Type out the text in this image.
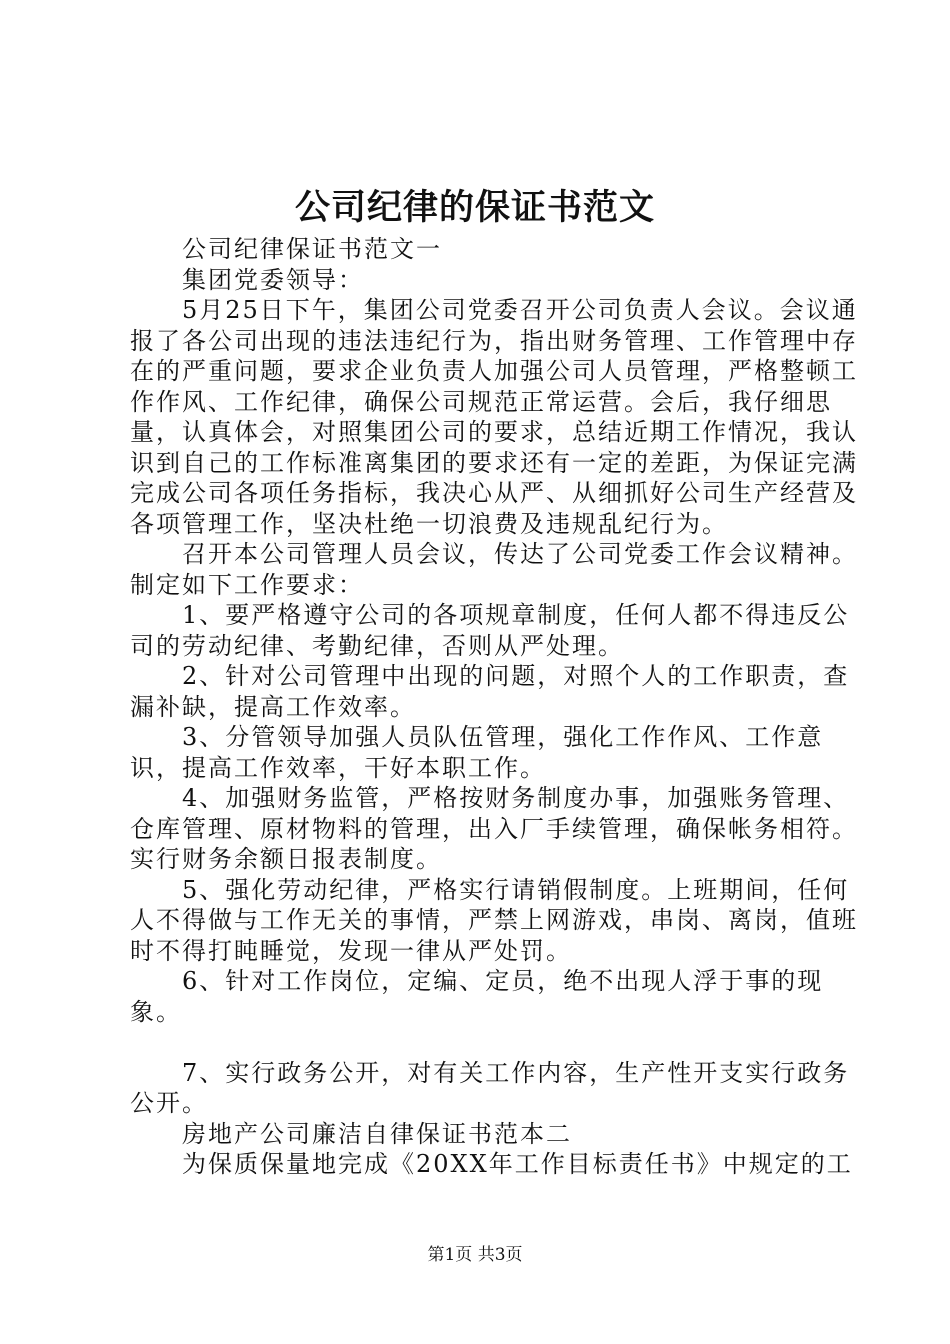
公司纪律的保证书范文

公司纪律保证书范文一

集团党委领导：

5月25日下午，集团公司党委召开公司负责人会议。会议通报了各公司出现的违法违纪行为，指出财务管理、工作管理中存在的严重问题，要求企业负责人加强公司人员管理，严格整顿工作作风、工作纪律，确保公司规范正常运营。会后，我仔细思量，认真体会，对照集团公司的要求，总结近期工作情况，我认识到自己的工作标准离集团的要求还有一定的差距，为保证完满完成公司各项任务指标，我决心从严、从细抓好公司生产经营及各项管理工作，坚决杜绝一切浪费及违规乱纪行为。

召开本公司管理人员会议，传达了公司党委工作会议精神。制定如下工作要求：

1、要严格遵守公司的各项规章制度，任何人都不得违反公司的劳动纪律、考勤纪律，否则从严处理。

2、针对公司管理中出现的问题，对照个人的工作职责，查漏补缺，提高工作效率。

3、分管领导加强人员队伍管理，强化工作作风、工作意识，提高工作效率，干好本职工作。

4、加强财务监管，严格按财务制度办事，加强账务管理、仓库管理、原材物料的管理，出入厂手续管理，确保帐务相符。实行财务余额日报表制度。

5、强化劳动纪律，严格实行请销假制度。上班期间，任何人不得做与工作无关的事情，严禁上网游戏，串岗、离岗，值班时不得打盹睡觉，发现一律从严处罚。

6、针对工作岗位，定编、定员，绝不出现人浮于事的现象。

7、实行政务公开，对有关工作内容，生产性开支实行政务公开。

房地产公司廉洁自律保证书范本二

为保质保量地完成《20XX年工作目标责任书》中规定的工

第1页 共3页
